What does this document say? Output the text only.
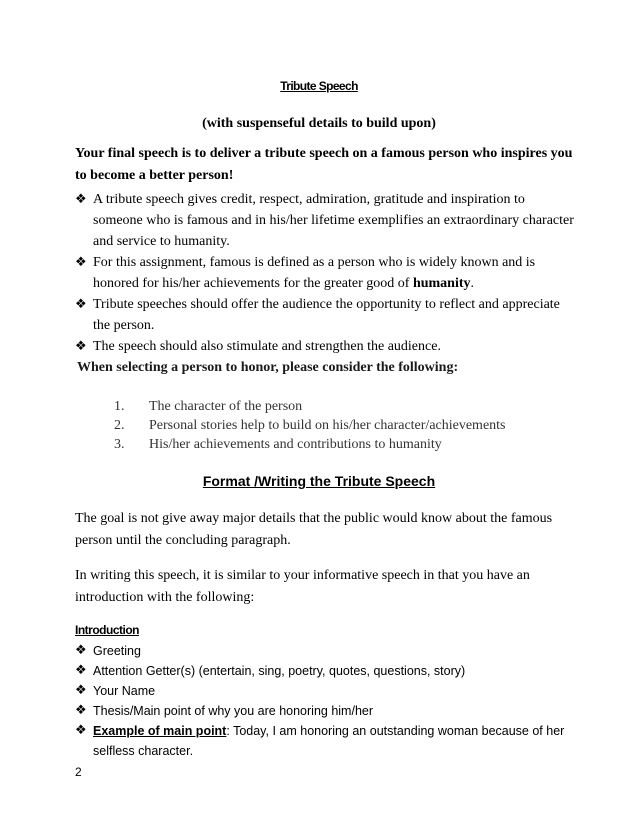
Tribute Speech
(with suspenseful details to build upon)
Your final speech is to deliver a tribute speech on a famous person who inspires you to become a better person!
❖ A tribute speech gives credit, respect, admiration, gratitude and inspiration to someone who is famous and in his/her lifetime exemplifies an extraordinary character and service to humanity.
❖ For this assignment, famous is defined as a person who is widely known and is honored for his/her achievements for the greater good of humanity.
❖ Tribute speeches should offer the audience the opportunity to reflect and appreciate the person.
❖ The speech should also stimulate and strengthen the audience.
When selecting a person to honor, please consider the following:
1. The character of the person
2. Personal stories help to build on his/her character/achievements
3. His/her achievements and contributions to humanity
Format /Writing the Tribute Speech
The goal is not give away major details that the public would know about the famous person until the concluding paragraph.
In writing this speech, it is similar to your informative speech in that you have an introduction with the following:
Introduction
❖ Greeting
❖ Attention Getter(s) (entertain, sing, poetry, quotes, questions, story)
❖ Your Name
❖ Thesis/Main point of why you are honoring him/her
❖ Example of main point: Today, I am honoring an outstanding woman because of her selfless character.
2
